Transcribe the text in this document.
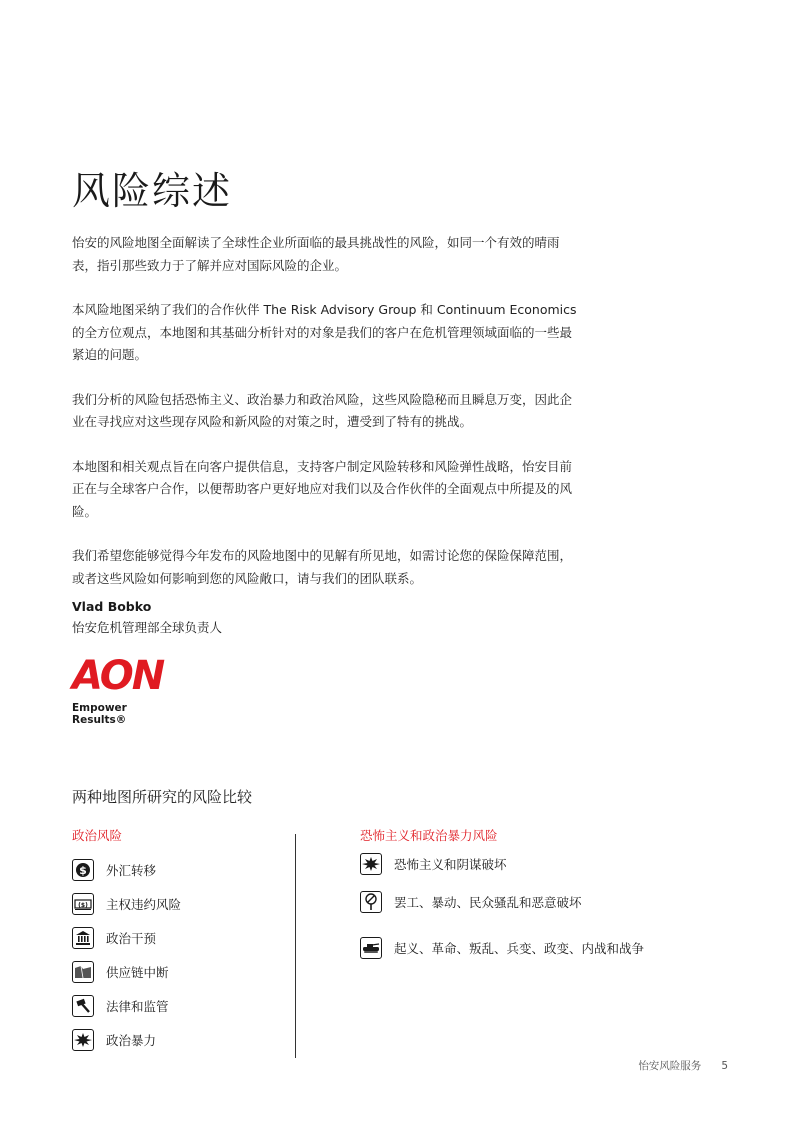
风险综述

怡安的风险地图全面解读了全球性企业所面临的最具挑战性的风险，如同一个有效的晴雨表，指引那些致力于了解并应对国际风险的企业。

本风险地图采纳了我们的合作伙伴 The Risk Advisory Group 和 Continuum Economics 的全方位观点，本地图和其基础分析针对的对象是我们的客户在危机管理领域面临的一些最紧迫的问题。

我们分析的风险包括恐怖主义、政治暴力和政治风险，这些风险隐秘而且瞬息万变，因此企业在寻找应对这些现存风险和新风险的对策之时，遭受到了特有的挑战。

本地图和相关观点旨在向客户提供信息，支持客户制定风险转移和风险弹性战略，怡安目前正在与全球客户合作，以便帮助客户更好地应对我们以及合作伙伴的全面观点中所提及的风险。

我们希望您能够觉得今年发布的风险地图中的见解有所见地，如需讨论您的保险保障范围，或者这些风险如何影响到您的风险敞口，请与我们的团队联系。

Vlad Bobko
怡安危机管理部全球负责人
AON
Empower Results®
两种地图所研究的风险比较
政治风险	恐怖主义和政治暴力风险
$ 外汇转移
($) 主权违约风险
政治干预
供应链中断
法律和监管
政治暴力
恐怖主义和阴谋破坏
罢工、暴动、民众骚乱和恶意破坏
起义、革命、叛乱、兵变、政变、内战和战争
怡安风险服务 5
